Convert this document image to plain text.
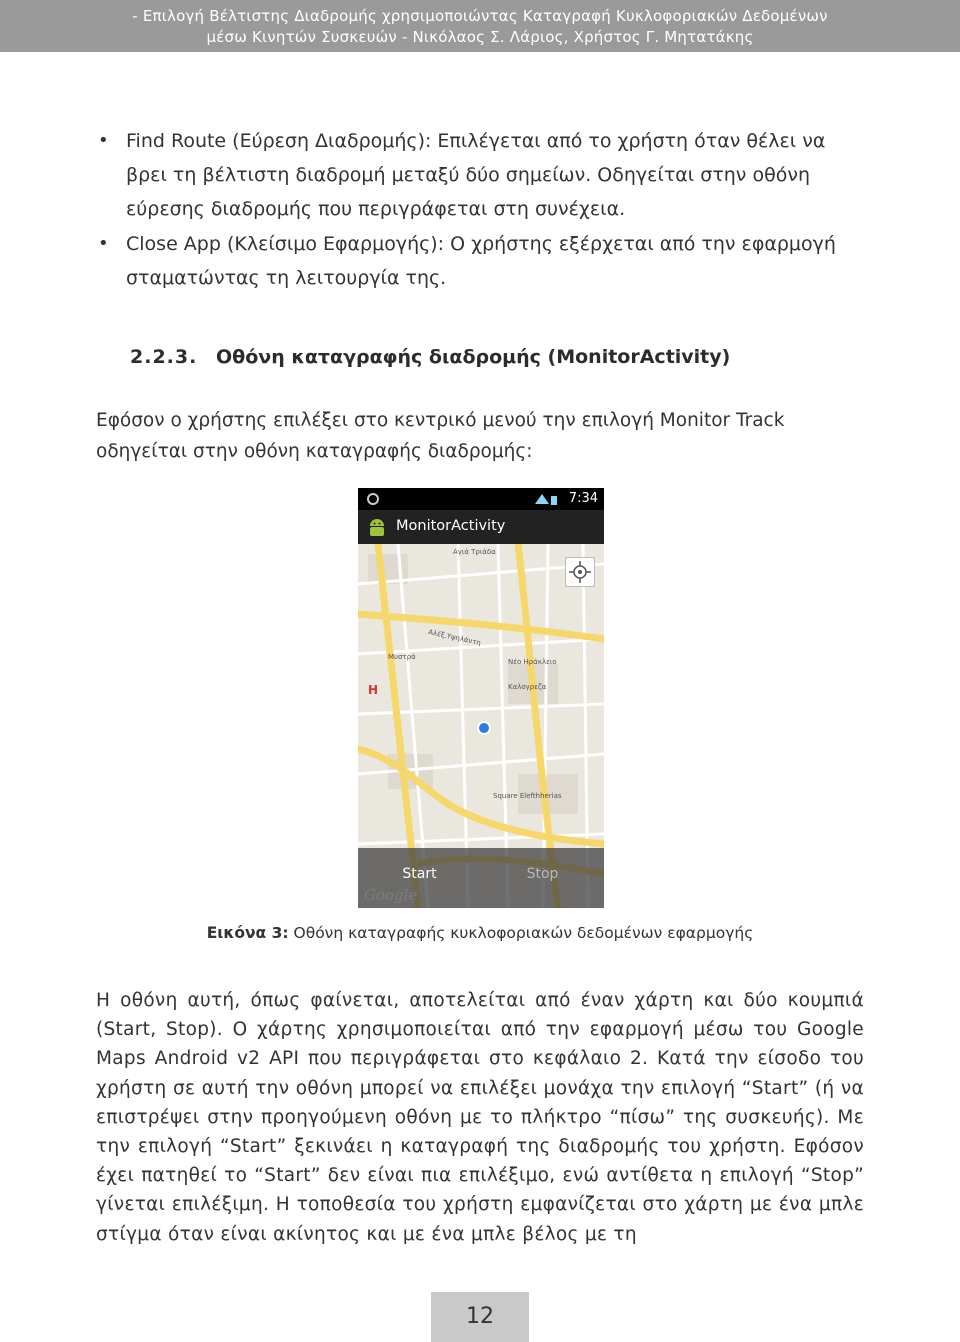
- Επιλογή Βέλτιστης Διαδρομής χρησιμοποιώντας Καταγραφή Κυκλοφοριακών Δεδομένων
μέσω Κινητών Συσκευών - Νικόλαος Σ. Λάριος, Χρήστος Γ. Μητατάκης
• Find Route (Εύρεση Διαδρομής): Επιλέγεται από το χρήστη όταν θέλει να βρει τη βέλτιστη διαδρομή μεταξύ δύο σημείων. Οδηγείται στην οθόνη εύρεσης διαδρομής που περιγράφεται στη συνέχεια.
• Close App (Κλείσιμο Εφαρμογής): Ο χρήστης εξέρχεται από την εφαρμογή σταματώντας τη λειτουργία της.
2.2.3. Οθόνη καταγραφής διαδρομής (MonitorActivity)
Εφόσον ο χρήστης επιλέξει στο κεντρικό μενού την επιλογή Monitor Track οδηγείται στην οθόνη καταγραφής διαδρομής:
7:34
MonitorActivity
Αλέξ.Υψηλάντη
Νέο Ηράκλειο
Καλογρεζα
Αγιά Τριάδα
Square Elefthherias
Μυστρά
H
Start	Stop
Google
Εικόνα 3: Οθόνη καταγραφής κυκλοφοριακών δεδομένων εφαρμογής
Η οθόνη αυτή, όπως φαίνεται, αποτελείται από έναν χάρτη και δύο κουμπιά (Start, Stop). Ο χάρτης χρησιμοποιείται από την εφαρμογή μέσω του Google Maps Android v2 API που περιγράφεται στο κεφάλαιο 2. Κατά την είσοδο του χρήστη σε αυτή την οθόνη μπορεί να επιλέξει μονάχα την επιλογή “Start” (ή να επιστρέψει στην προηγούμενη οθόνη με το πλήκτρο “πίσω” της συσκευής). Με την επιλογή “Start” ξεκινάει η καταγραφή της διαδρομής του χρήστη. Εφόσον έχει πατηθεί το “Start” δεν είναι πια επιλέξιμο, ενώ αντίθετα η επιλογή “Stop” γίνεται επιλέξιμη. Η τοποθεσία του χρήστη εμφανίζεται στο χάρτη με ένα μπλε στίγμα όταν είναι ακίνητος και με ένα μπλε βέλος με τη
12
